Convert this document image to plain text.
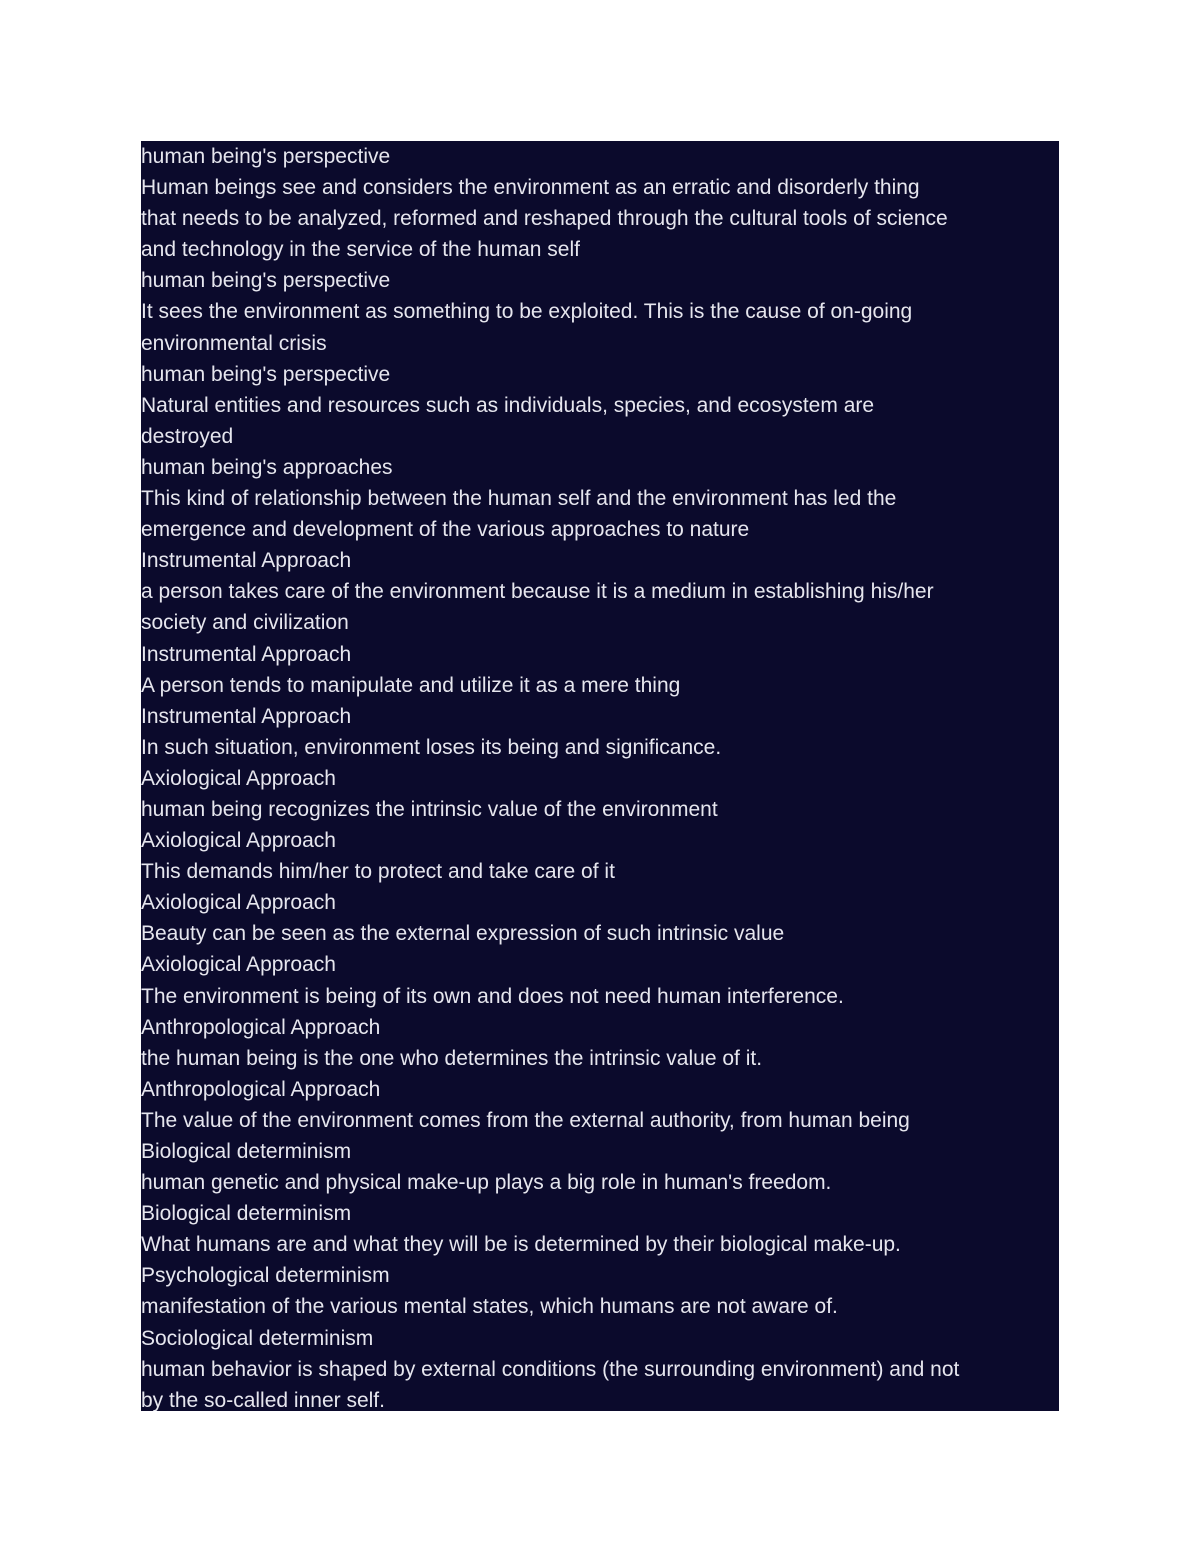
human being's perspective
Human beings see and considers the environment as an erratic and disorderly thing
that needs to be analyzed, reformed and reshaped through the cultural tools of science
and technology in the service of the human self
human being's perspective
It sees the environment as something to be exploited. This is the cause of on-going
environmental crisis
human being's perspective
Natural entities and resources such as individuals, species, and ecosystem are
destroyed
human being's approaches
This kind of relationship between the human self and the environment has led the
emergence and development of the various approaches to nature
Instrumental Approach
a person takes care of the environment because it is a medium in establishing his/her
society and civilization
Instrumental Approach
A person tends to manipulate and utilize it as a mere thing
Instrumental Approach
In such situation, environment loses its being and significance.
Axiological Approach
human being recognizes the intrinsic value of the environment
Axiological Approach
This demands him/her to protect and take care of it
Axiological Approach
Beauty can be seen as the external expression of such intrinsic value
Axiological Approach
The environment is being of its own and does not need human interference.
Anthropological Approach
the human being is the one who determines the intrinsic value of it.
Anthropological Approach
The value of the environment comes from the external authority, from human being
Biological determinism
human genetic and physical make-up plays a big role in human's freedom.
Biological determinism
What humans are and what they will be is determined by their biological make-up.
Psychological determinism
manifestation of the various mental states, which humans are not aware of.
Sociological determinism
human behavior is shaped by external conditions (the surrounding environment) and not
by the so-called inner self.
